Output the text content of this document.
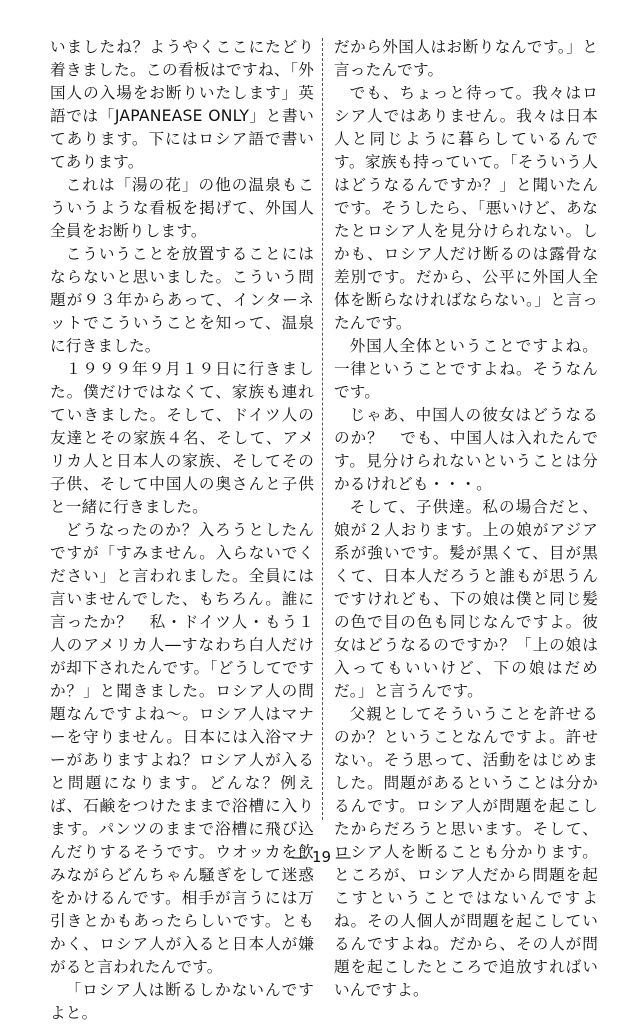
いましたね？ようやくここにたどり着きました。この看板はですね、「外国人の入場をお断りいたします」英語では「JAPANEASE ONLY」と書いてあります。下にはロシア語で書いてあります。

これは「湯の花」の他の温泉もこういうような看板を掲げて、外国人全員をお断りします。

こういうことを放置することにはならないと思いました。こういう問題が９３年からあって、インターネットでこういうことを知って、温泉に行きました。

１９９９年９月１９日に行きました。僕だけではなくて、家族も連れていきました。そして、ドイツ人の友達とその家族４名、そして、アメリカ人と日本人の家族、そしてその子供、そして中国人の奥さんと子供と一緒に行きました。

どうなったのか？入ろうとしたんですが「すみません。入らないでください」と言われました。全員には言いませんでした、もちろん。誰に言ったか？　私・ドイツ人・もう１人のアメリカ人―すなわち白人だけが却下されたんです。「どうしてですか？」と聞きました。ロシア人の問題なんですよね～。ロシア人はマナーを守りません。日本には入浴マナーがありますよね？ロシア人が入ると問題になります。どんな？例えば、石鹸をつけたままで浴槽に入ります。パンツのままで浴槽に飛び込んだりするそうです。ウオッカを飲みながらどんちゃん騒ぎをして迷惑をかけるんです。相手が言うには万引きとかもあったらしいです。ともかく、ロシア人が入ると日本人が嫌がると言われたんです。

「ロシア人は断るしかないんですよと。

だから外国人はお断りなんです。」と言ったんです。

でも、ちょっと待って。我々はロシア人ではありません。我々は日本人と同じように暮らしているんです。家族も持っていて。「そういう人はどうなるんですか？」と聞いたんです。そうしたら、「悪いけど、あなたとロシア人を見分けられない。しかも、ロシア人だけ断るのは露骨な差別です。だから、公平に外国人全体を断らなければならない。」と言ったんです。

外国人全体ということですよね。一律ということですよね。そうなんです。

じゃあ、中国人の彼女はどうなるのか？　でも、中国人は入れたんです。見分けられないということは分かるけれども・・・。

そして、子供達。私の場合だと、娘が２人おります。上の娘がアジア系が強いです。髪が黒くて、目が黒くて、日本人だろうと誰もが思うんですけれども、下の娘は僕と同じ髪の色で目の色も同じなんですよ。彼女はどうなるのですか？「上の娘は入ってもいいけど、下の娘はだめだ。」と言うんです。

父親としてそういうことを許せるのか？ということなんですよ。許せない。そう思って、活動をはじめました。問題があるということは分かるんです。ロシア人が問題を起こしたからだろうと思います。そして、ロシア人を断ることも分かります。ところが、ロシア人だから問題を起こすということではないんですよね。その人個人が問題を起こしているんですよね。だから、その人が問題を起こしたところで追放すればいいんですよ。

― 19 ―
